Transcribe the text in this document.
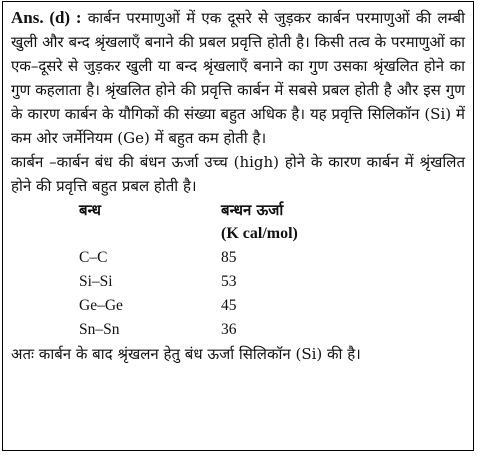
Ans. (d) : कार्बन परमाणुओं में एक दूसरे से जुड़कर कार्बन परमाणुओं की लम्बी खुली और बन्द श्रृंखलाएँ बनाने की प्रबल प्रवृत्ति होती है। किसी तत्व के परमाणुओं का एक–दूसरे से जुड़कर खुली या बन्द श्रृंखलाएँ बनाने का गुण उसका श्रृंखलित होने का गुण कहलाता है। श्रृंखलित होने की प्रवृत्ति कार्बन में सबसे प्रबल होती है और इस गुण के कारण कार्बन के यौगिकों की संख्या बहुत अधिक है। यह प्रवृत्ति सिलिकॉन (Si) में कम ओर जर्मेनियम (Ge) में बहुत कम होती है।

कार्बन –कार्बन बंध की बंधन ऊर्जा उच्च (high) होने के कारण कार्बन में श्रृंखलित होने की प्रवृत्ति बहुत प्रबल होती है।

बन्ध	बन्धन ऊर्जा
(K cal/mol)
C–C	85
Si–Si	53
Ge–Ge	45
Sn–Sn	36

अतः कार्बन के बाद श्रृंखलन हेतु बंध ऊर्जा सिलिकॉन (Si) की है।
